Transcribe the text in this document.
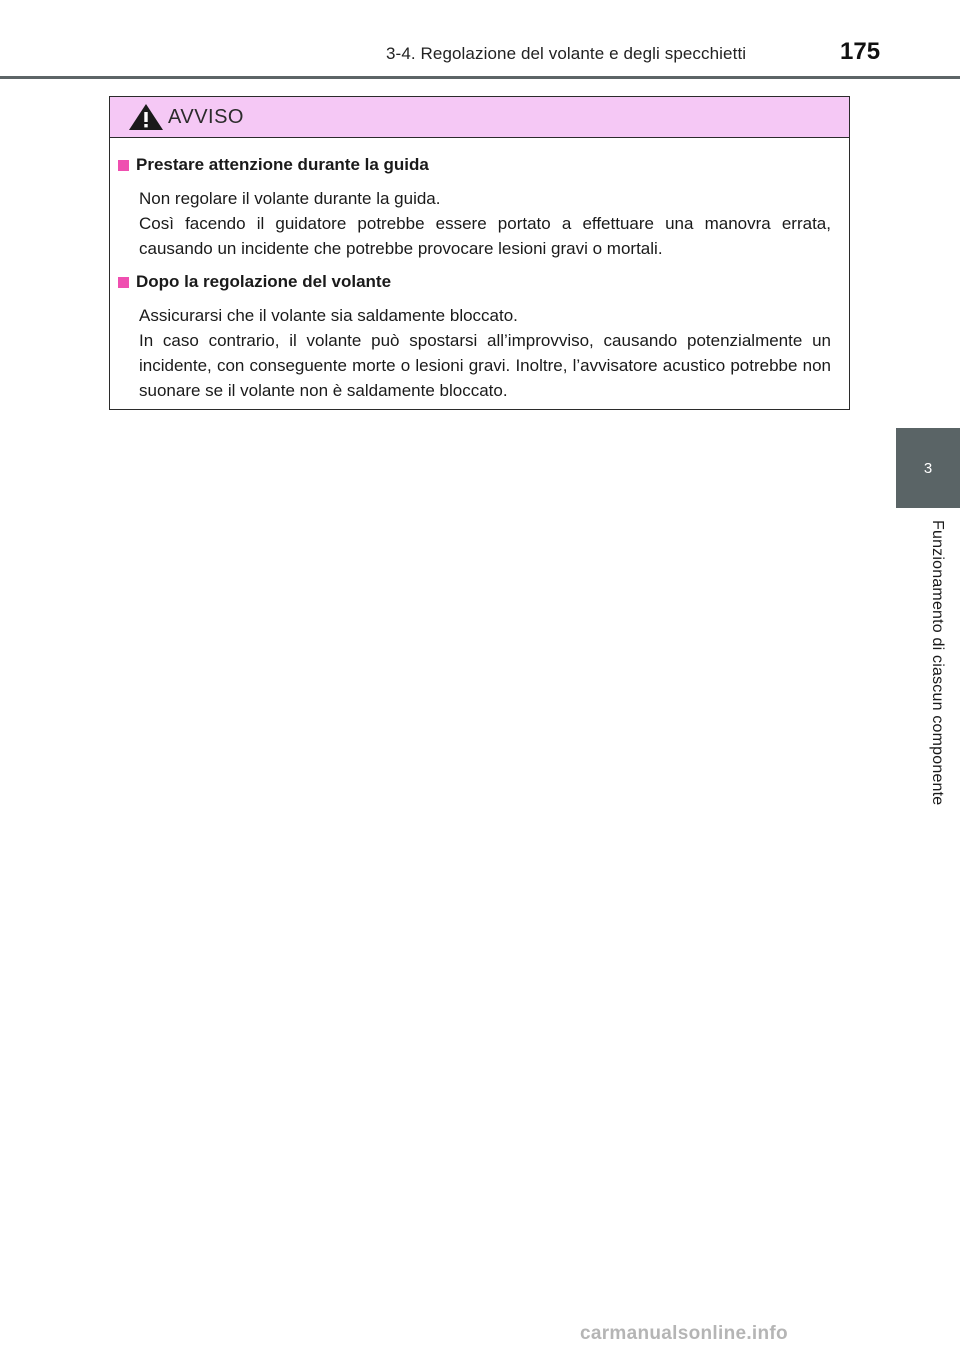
3-4. Regolazione del volante e degli specchietti	175
3
Funzionamento di ciascun componente
AVVISO
Prestare attenzione durante la guida

Non regolare il volante durante la guida.

Così facendo il guidatore potrebbe essere portato a effettuare una manovra errata, causando un incidente che potrebbe provocare lesioni gravi o mortali.

Dopo la regolazione del volante

Assicurarsi che il volante sia saldamente bloccato.

In caso contrario, il volante può spostarsi all’improvviso, causando potenzialmente un incidente, con conseguente morte o lesioni gravi. Inoltre, l’avvisatore acustico potrebbe non suonare se il volante non è saldamente bloccato.

carmanualsonline.info
